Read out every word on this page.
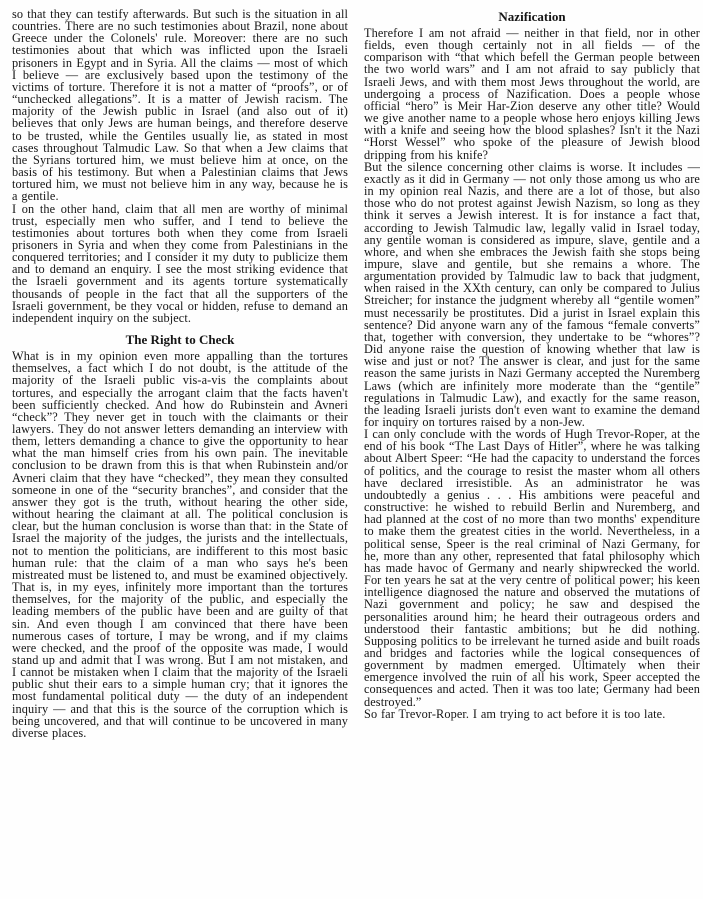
so that they can testify afterwards. But such is the situation in all countries. There are no such testimonies about Brazil, none about Greece under the Colonels' rule. Moreover: there are no such testimonies about that which was inflicted upon the Israeli prisoners in Egypt and in Syria. All the claims — most of which I believe — are exclusively based upon the testimony of the victims of torture. Therefore it is not a matter of “proofs”, or of “unchecked allegations”. It is a matter of Jewish racism. The majority of the Jewish public in Israel (and also out of it) believes that only Jews are human beings, and therefore deserve to be trusted, while the Gentiles usually lie, as stated in most cases throughout Talmudic Law. So that when a Jew claims that the Syrians tortured him, we must believe him at once, on the basis of his testimony. But when a Palestinian claims that Jews tortured him, we must not believe him in any way, because he is a gentile.

I on the other hand, claim that all men are worthy of minimal trust, especially men who suffer, and I tend to believe the testimonies about tortures both when they come from Israeli prisoners in Syria and when they come from Palestinians in the conquered territories; and I consider it my duty to publicize them and to demand an enquiry. I see the most striking evidence that the Israeli government and its agents torture systematically thousands of people in the fact that all the supporters of the Israeli government, be they vocal or hidden, refuse to demand an independent inquiry on the subject.

The Right to Check

What is in my opinion even more appalling than the tortures themselves, a fact which I do not doubt, is the attitude of the majority of the Israeli public vis-a-vis the complaints about tortures, and especially the arrogant claim that the facts haven't been sufficiently checked. And how do Rubinstein and Avneri “check”? They never get in touch with the claimants or their lawyers. They do not answer letters demanding an interview with them, letters demanding a chance to give the opportunity to hear what the man himself cries from his own pain. The inevitable conclusion to be drawn from this is that when Rubinstein and/or Avneri claim that they have “checked”, they mean they consulted someone in one of the “security branches”, and consider that the answer they got is the truth, without hearing the other side, without hearing the claimant at all. The political conclusion is clear, but the human conclusion is worse than that: in the State of Israel the majority of the judges, the jurists and the intellectuals, not to mention the politicians, are indifferent to this most basic human rule: that the claim of a man who says he's been mistreated must be listened to, and must be examined objectively. That is, in my eyes, infinitely more important than the tortures themselves, for the majority of the public, and especially the leading members of the public have been and are guilty of that sin. And even though I am convinced that there have been numerous cases of torture, I may be wrong, and if my claims were checked, and the proof of the opposite was made, I would stand up and admit that I was wrong. But I am not mistaken, and I cannot be mistaken when I claim that the majority of the Israeli public shut their ears to a simple human cry; that it ignores the most fundamental political duty — the duty of an independent inquiry — and that this is the source of the corruption which is being uncovered, and that will continue to be uncovered in many diverse places.

Nazification

Therefore I am not afraid — neither in that field, nor in other fields, even though certainly not in all fields — of the comparison with “that which befell the German people between the two world wars” and I am not afraid to say publicly that Israeli Jews, and with them most Jews throughout the world, are undergoing a process of Nazification. Does a people whose official “hero” is Meir Har-Zion deserve any other title? Would we give another name to a people whose hero enjoys killing Jews with a knife and seeing how the blood splashes? Isn't it the Nazi “Horst Wessel” who spoke of the pleasure of Jewish blood dripping from his knife?

But the silence concerning other claims is worse. It includes — exactly as it did in Germany — not only those among us who are in my opinion real Nazis, and there are a lot of those, but also those who do not protest against Jewish Nazism, so long as they think it serves a Jewish interest. It is for instance a fact that, according to Jewish Talmudic law, legally valid in Israel today, any gentile woman is considered as impure, slave, gentile and a whore, and when she embraces the Jewish faith she stops being impure, slave and gentile, but she remains a whore. The argumentation provided by Talmudic law to back that judgment, when raised in the XXth century, can only be compared to Julius Streicher; for instance the judgment whereby all “gentile women” must necessarily be prostitutes. Did a jurist in Israel explain this sentence? Did anyone warn any of the famous “female converts” that, together with conversion, they undertake to be “whores”? Did anyone raise the question of knowing whether that law is wise and just or not? The answer is clear, and just for the same reason the same jurists in Nazi Germany accepted the Nuremberg Laws (which are infinitely more moderate than the “gentile” regulations in Talmudic Law), and exactly for the same reason, the leading Israeli jurists don't even want to examine the demand for inquiry on tortures raised by a non-Jew.

I can only conclude with the words of Hugh Trevor-Roper, at the end of his book “The Last Days of Hitler”, where he was talking about Albert Speer: “He had the capacity to understand the forces of politics, and the courage to resist the master whom all others have declared irresistible. As an administrator he was undoubtedly a genius . . . His ambitions were peaceful and constructive: he wished to rebuild Berlin and Nuremberg, and had planned at the cost of no more than two months' expenditure to make them the greatest cities in the world. Nevertheless, in a political sense, Speer is the real criminal of Nazi Germany, for he, more than any other, represented that fatal philosophy which has made havoc of Germany and nearly shipwrecked the world. For ten years he sat at the very centre of political power; his keen intelligence diagnosed the nature and observed the mutations of Nazi government and policy; he saw and despised the personalities around him; he heard their outrageous orders and understood their fantastic ambitions; but he did nothing. Supposing politics to be irrelevant he turned aside and built roads and bridges and factories while the logical consequences of government by madmen emerged. Ultimately when their emergence involved the ruin of all his work, Speer accepted the consequences and acted. Then it was too late; Germany had been destroyed.”

So far Trevor-Roper. I am trying to act before it is too late.
